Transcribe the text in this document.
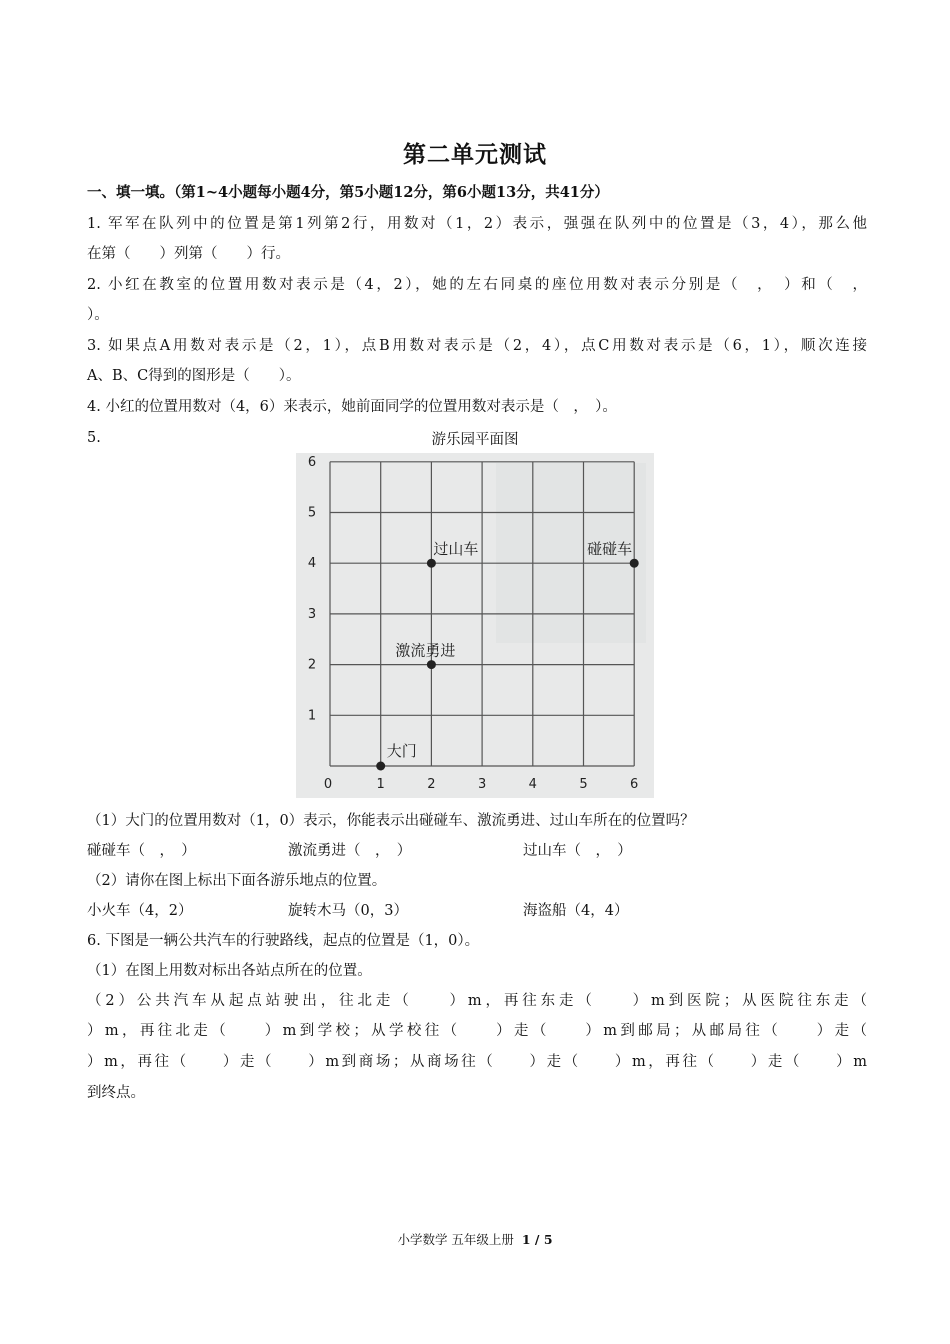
第二单元测试
一、填一填。（第1~4小题每小题4分，第5小题12分，第6小题13分，共41分）
1. 军军在队列中的位置是第1列第2行，用数对（1，2）表示，强强在队列中的位置是（3，4），那么他
在第（　　）列第（　　）行。
2. 小红在教室的位置用数对表示是（4，2），她的左右同桌的座位用数对表示分别是（　，　）和（　，
）。
3. 如果点A用数对表示是（2，1），点B用数对表示是（2，4），点C用数对表示是（6，1），顺次连接
A、B、C得到的图形是（　　）。
4. 小红的位置用数对（4，6）来表示，她前面同学的位置用数对表示是（　，　）。
5.	游乐园平面图
0	1	2	3	4	5	6
1
2
3
4
5
6
大门
激流勇进
过山车	碰碰车
（1）大门的位置用数对（1，0）表示，你能表示出碰碰车、激流勇进、过山车所在的位置吗？
碰碰车（　，　）	激流勇进（　，　）	过山车（　，　）
（2）请你在图上标出下面各游乐地点的位置。
小火车（4，2）	旋转木马（0，3）	海盗船（4，4）
6. 下图是一辆公共汽车的行驶路线，起点的位置是（1，0）。
（1）在图上用数对标出各站点所在的位置。
（2）公共汽车从起点站驶出，往北走（　　）m，再往东走（　　）m到医院；从医院往东走（
）m，再往北走（　　）m到学校；从学校往（　　）走（　　）m到邮局；从邮局往（　　）走（
）m，再往（　　）走（　　）m到商场；从商场往（　　）走（　　）m，再往（　　）走（　　）m
到终点。
小学数学 五年级上册 1 / 5
